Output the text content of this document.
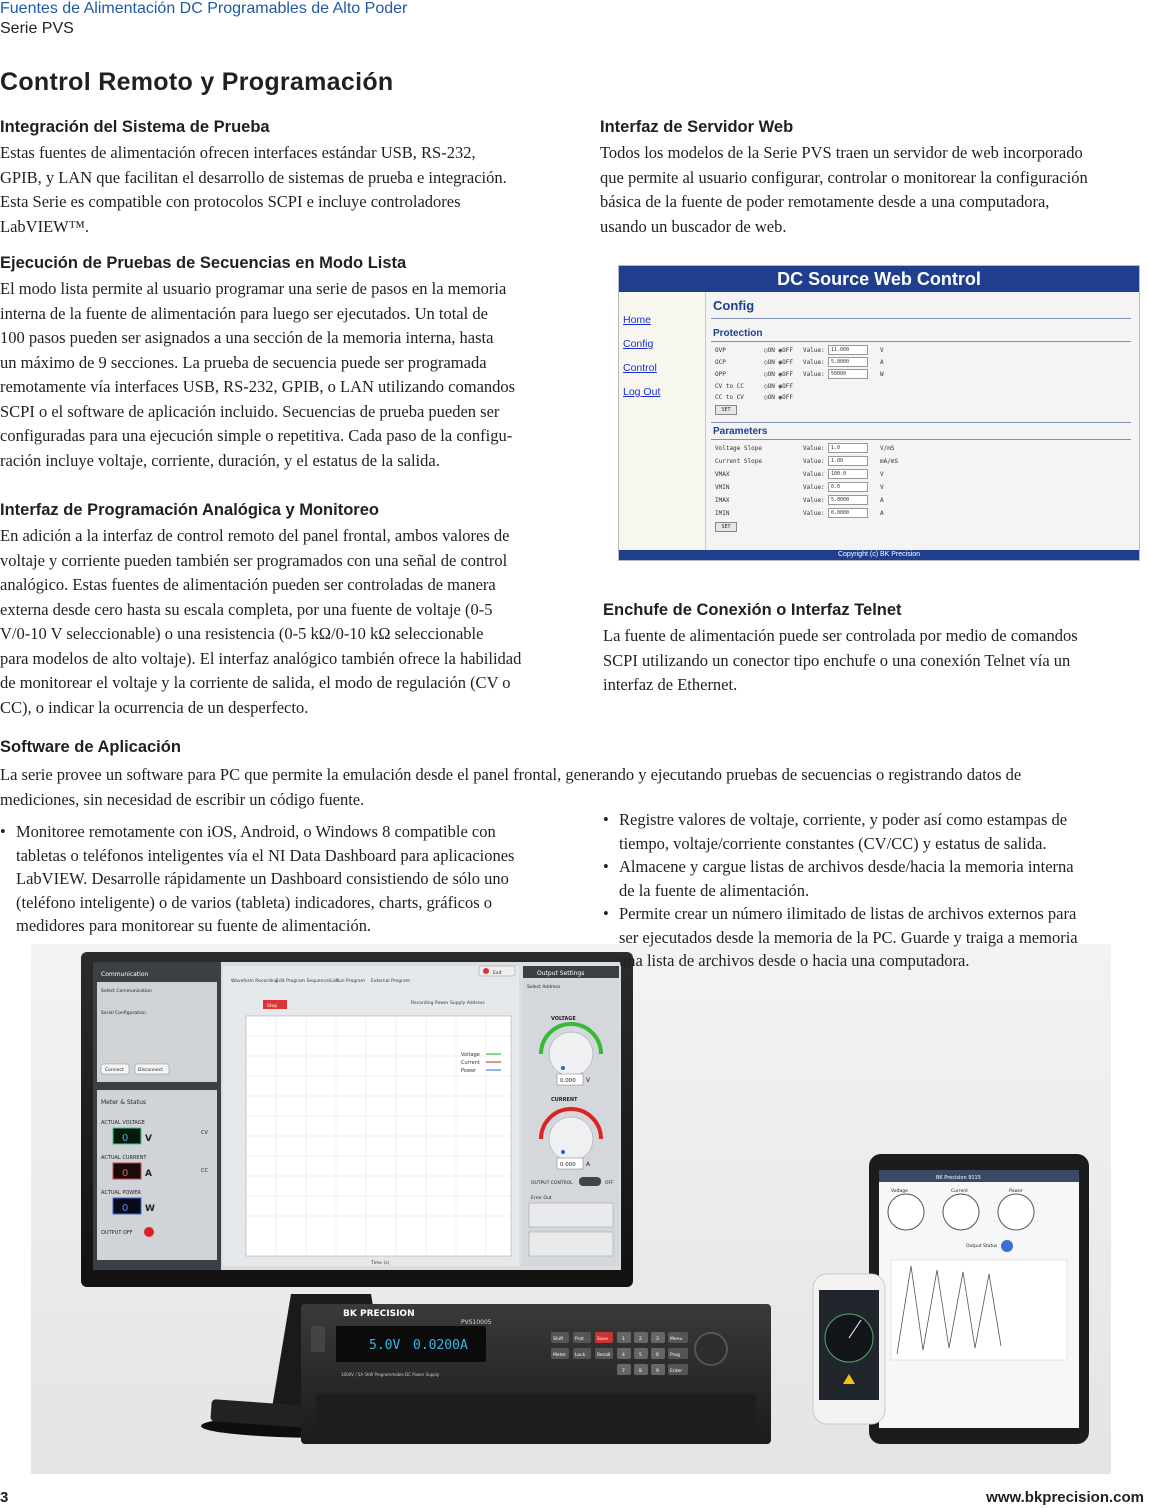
Fuentes de Alimentación DC Programables de Alto Poder
Serie PVS
Control Remoto y Programación
Integración del Sistema de Prueba

Estas fuentes de alimentación ofrecen interfaces estándar USB, RS-232,
GPIB, y LAN que facilitan el desarrollo de sistemas de prueba e integración.
Esta Serie es compatible con protocolos SCPI e incluye controladores
LabVIEW™.

Ejecución de Pruebas de Secuencias en Modo Lista

El modo lista permite al usuario programar una serie de pasos en la memoria
interna de la fuente de alimentación para luego ser ejecutados. Un total de
100 pasos pueden ser asignados a una sección de la memoria interna, hasta
un máximo de 9 secciones. La prueba de secuencia puede ser programada
remotamente vía interfaces USB, RS-232, GPIB, o LAN utilizando comandos
SCPI o el software de aplicación incluido. Secuencias de prueba pueden ser
configuradas para una ejecución simple o repetitiva. Cada paso de la configu-
ración incluye voltaje, corriente, duración, y el estatus de la salida.

Interfaz de Programación Analógica y Monitoreo

En adición a la interfaz de control remoto del panel frontal, ambos valores de
voltaje y corriente pueden también ser programados con una señal de control
analógico. Estas fuentes de alimentación pueden ser controladas de manera
externa desde cero hasta su escala completa, por una fuente de voltaje (0-5
V/0-10 V seleccionable) o una resistencia (0-5 kΩ/0-10 kΩ seleccionable
para modelos de alto voltaje). El interfaz analógico también ofrece la habilidad
de monitorear el voltaje y la corriente de salida, el modo de regulación (CV o
CC), o indicar la ocurrencia de un desperfecto.

Interfaz de Servidor Web

Todos los modelos de la Serie PVS traen un servidor de web incorporado
que permite al usuario configurar, controlar o monitorear la configuración
básica de la fuente de poder remotamente desde a una computadora,
usando un buscador de web.

DC Source Web Control
Home
Config
Control
Log Out
Config
Protection
OVP	○ON ◉OFF Value:	11.000	V
OCP	○ON ◉OFF Value:	5.0000	A
OPP	○ON ◉OFF Value:	50000	W
CV to CC	○ON ◉OFF
CC to CV	○ON ◉OFF
SET
Parameters
Voltage Slope	Value:	1.0	V/mS
Current Slope	Value:	1.00	mA/mS
VMAX	Value:	100.0	V
VMIN	Value:	0.0	V
IMAX	Value:	5.0000	A
IMIN	Value:	0.0000	A
SET
Copyright (c) BK Precision
Enchufe de Conexión o Interfaz Telnet

La fuente de alimentación puede ser controlada por medio de comandos
SCPI utilizando un conector tipo enchufe o una conexión Telnet vía un
interfaz de Ethernet.

Software de Aplicación

La serie provee un software para PC que permite la emulación desde el panel frontal, generando y ejecutando pruebas de secuencias o registrando datos de
mediciones, sin necesidad de escribir un código fuente.

• Monitoree remotamente con iOS, Android, o Windows 8 compatible con
tabletas o teléfonos inteligentes vía el NI Data Dashboard para aplicaciones
LabVIEW. Desarrolle rápidamente un Dashboard consistiendo de sólo uno
(teléfono inteligente) o de varios (tableta) indicadores, charts, gráficos o
medidores para monitorear su fuente de alimentación.
Communication
Select Communication
Serial Configuration
Connect	Disconnect
Meter & Status
ACTUAL VOLTAGE
0 V
CV
ACTUAL CURRENT
0 A	CC
ACTUAL POWER
0 W
OUTPUT OFF
Waveform Recording
Edit Program Sequence/List
Run Program External Program
Stop
Recording Power Supply Address
Exit
Voltage
Current
Power
Time (s)
Output Settings
Select Address
VOLTAGE
0.000 V
CURRENT
0.000 A
OUTPUT CONTROL	OFF
Error Out
BK PRECISION
5.0V 0.0200A
1000V / 5A 5kW Programmable DC Power Supply
PVS10005
Shift
Meter
Prot
Lock
Save
Recall
1	2	3
4	5	6
7	8	9
Menu
Prog
Enter
BK Precision 9115
Voltage	Current	Power
Output Status
• Registre valores de voltaje, corriente, y poder así como estampas de
tiempo, voltaje/corriente constantes (CV/CC) y estatus de salida.
• Almacene y cargue listas de archivos desde/hacia la memoria interna
de la fuente de alimentación.
• Permite crear un número ilimitado de listas de archivos externos para
ser ejecutados desde la memoria de la PC. Guarde y traiga a memoria
una lista de archivos desde o hacia una computadora.
3	www.bkprecision.com
